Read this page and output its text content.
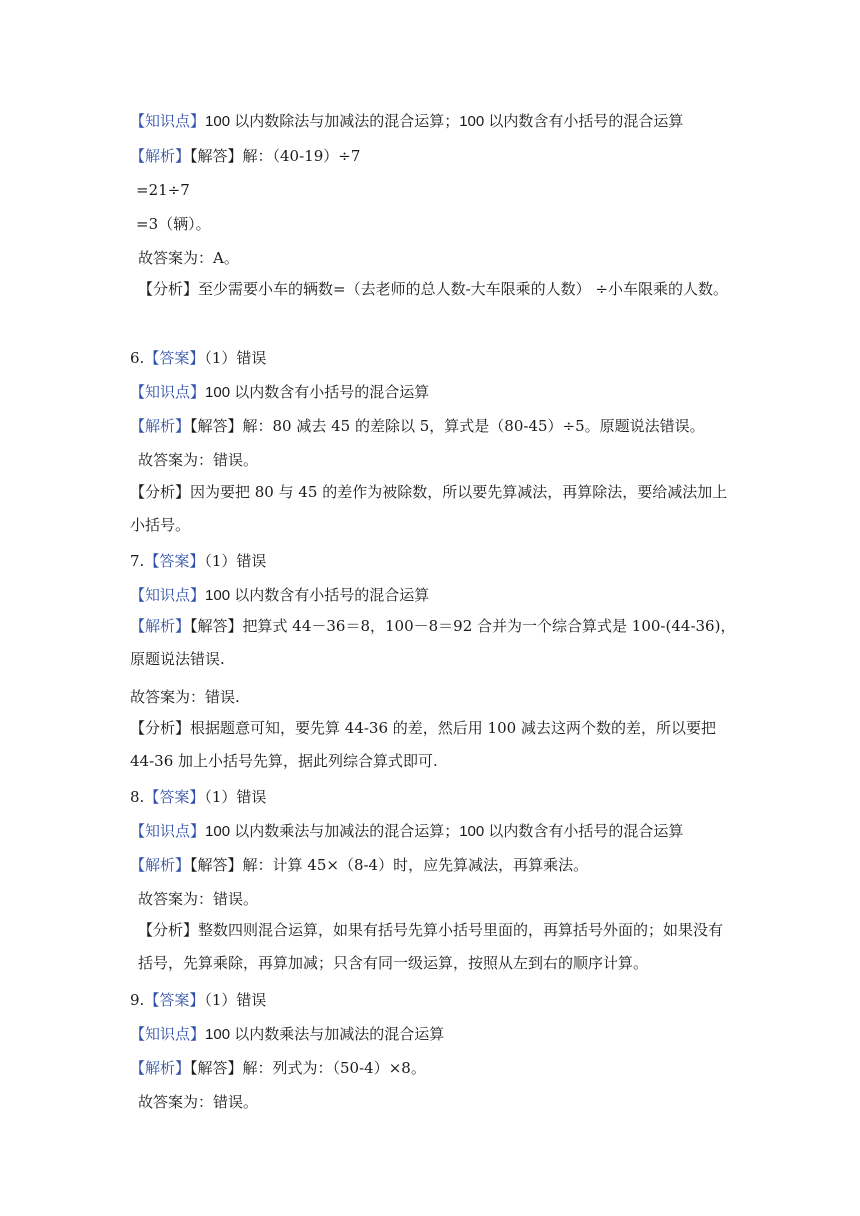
【知识点】100 以内数除法与加减法的混合运算；100 以内数含有小括号的混合运算
【解析】【解答】解：（40-19）÷7
=21÷7
=3（辆）。
故答案为：A。
【分析】至少需要小车的辆数=（去老师的总人数-大车限乘的人数） ÷小车限乘的人数。
6.【答案】（1）错误
【知识点】100 以内数含有小括号的混合运算
【解析】【解答】解：80 减去 45 的差除以 5，算式是（80-45）÷5。原题说法错误。
故答案为：错误。
【分析】因为要把 80 与 45 的差作为被除数，所以要先算减法，再算除法，要给减法加上小括号。
7.【答案】（1）错误
【知识点】100 以内数含有小括号的混合运算
【解析】【解答】把算式 44－36＝8，100－8＝92 合并为一个综合算式是 100-(44-36)，原题说法错误.
故答案为：错误.
【分析】根据题意可知，要先算 44-36 的差，然后用 100 减去这两个数的差，所以要把 44-36 加上小括号先算，据此列综合算式即可.
8.【答案】（1）错误
【知识点】100 以内数乘法与加减法的混合运算；100 以内数含有小括号的混合运算
【解析】【解答】解：计算 45×（8-4）时，应先算减法，再算乘法。
故答案为：错误。
【分析】整数四则混合运算，如果有括号先算小括号里面的，再算括号外面的；如果没有括号，先算乘除，再算加减；只含有同一级运算，按照从左到右的顺序计算。
9.【答案】（1）错误
【知识点】100 以内数乘法与加减法的混合运算
【解析】【解答】解：列式为：（50-4）×8。
故答案为：错误。
